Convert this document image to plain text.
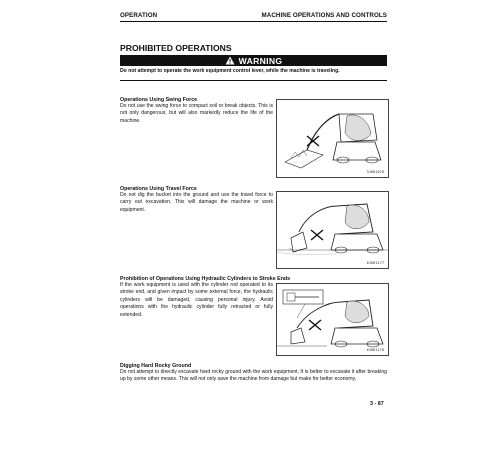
OPERATION	MACHINE OPERATIONS AND CONTROLS
PROHIBITED OPERATIONS
WARNING
Do not attempt to operate the work equipment control lever, while the machine is traveling.
Operations Using Swing Force
Do not use the swing force to compact soil or break objects. This is not only dangerous, but will also markedly reduce the life of the machine.
5JH01078
Operations Using Travel Force
Do not dig the bucket into the ground and use the travel force to carry out excavation. This will damage the machine or work equipment.
6JH01177
Prohibition of Operations Using Hydraulic Cylinders to Stroke Ends
If the work equipment is used with the cylinder rod operated to its stroke end, and given impact by some external force, the hydraulic cylinders will be damaged, causing personal injury. Avoid operations with the hydraulic cylinder fully retracted or fully extended.
6JH01178
Digging Hard Rocky Ground
Do not attempt to directly excavate hard rocky ground with the work equipment. It is better to excavate it after breaking up by some other means. This will not only save the machine from damage but make for better economy.
3 - 87
